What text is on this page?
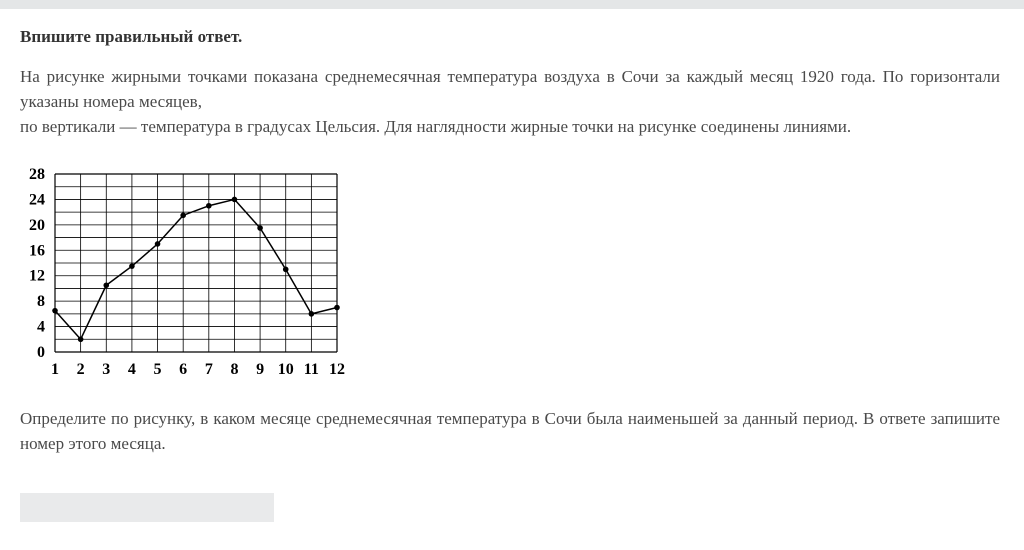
Впишите правильный ответ.

На рисунке жирными точками показана среднемесячная температура воздуха в Сочи за каждый месяц 1920 года. По горизонтали указаны номера месяцев,

по вертикали — температура в градусах Цельсия. Для наглядности жирные точки на рисунке соединены линиями.

0
4
8
12
16
20
24
28
1 2 3 4 5 6 7 8 9 10 11 12
Определите по рисунку, в каком месяце среднемесячная температура в Сочи была наименьшей за данный период. В ответе запишите номер этого месяца.
